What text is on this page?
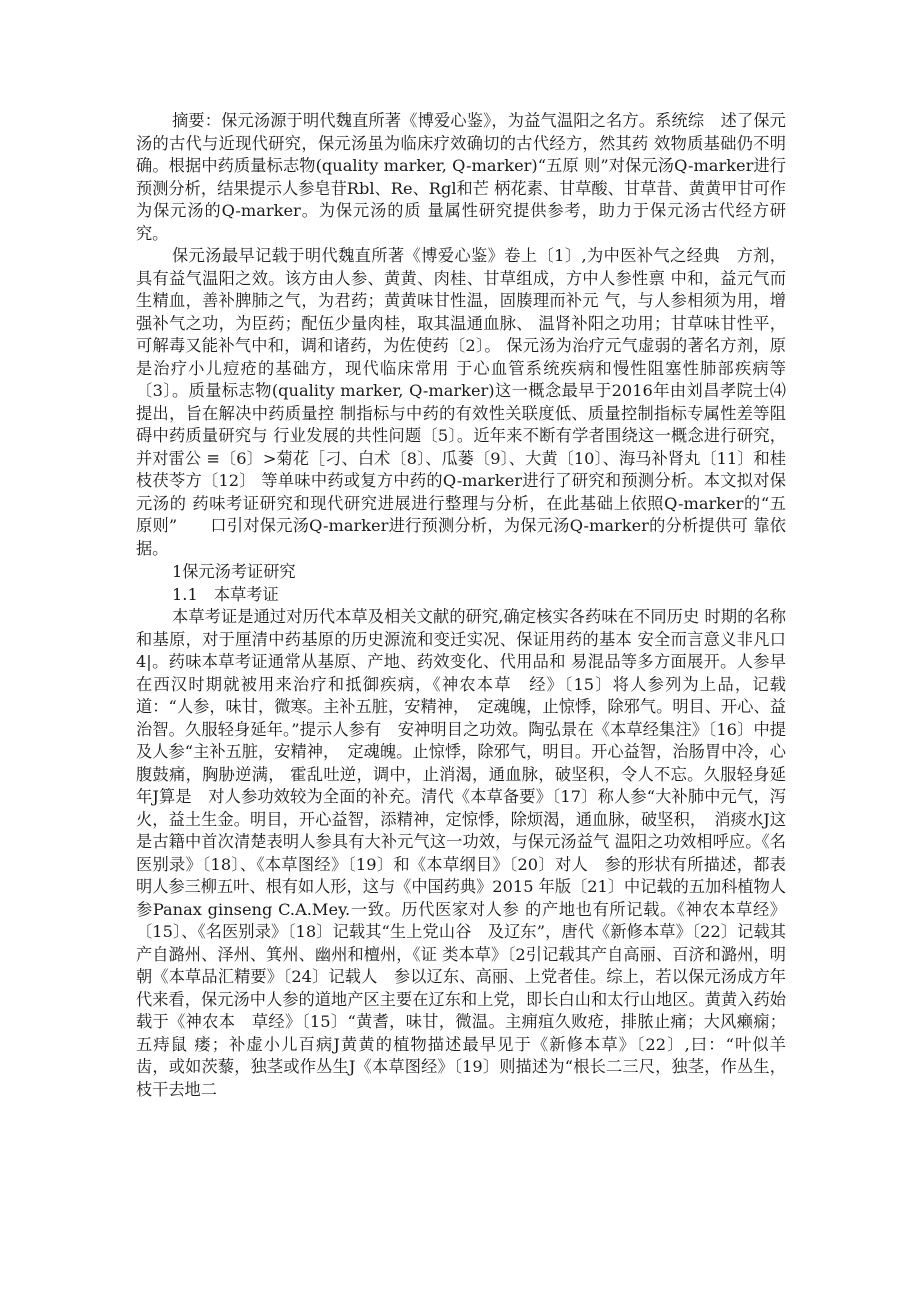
摘要：保元汤源于明代魏直所著《博爱心鉴》，为益气温阳之名方。系统综　述了保元汤的古代与近现代研究，保元汤虽为临床疗效确切的古代经方，然其药 效物质基础仍不明确。根据中药质量标志物(quality marker, Q-marker)“五原 则”对保元汤Q-marker进行预测分析，结果提示人参皂苷Rbl、Re、Rgl和芒 柄花素、甘草酸、甘草昔、黄黄甲甘可作为保元汤的Q-marker。为保元汤的质 量属性研究提供参考，助力于保元汤古代经方研究。

保元汤最早记载于明代魏直所著《博爱心鉴》卷上〔1〕,为中医补气之经典　方剂，具有益气温阳之效。该方由人参、黄黄、肉桂、甘草组成，方中人参性禀 中和，益元气而生精血，善补脾肺之气，为君药；黄黄味甘性温，固腠理而补元 气，与人参相须为用，增强补气之功，为臣药；配伍少量肉桂，取其温通血脉、 温肾补阳之功用；甘草味甘性平，可解毒又能补气中和，调和诸药，为佐使药〔2〕。 保元汤为治疗元气虚弱的著名方剂，原是治疗小儿痘疮的基础方，现代临床常用 于心血管系统疾病和慢性阻塞性肺部疾病等〔3〕。质量标志物(quality marker, Q-marker)这一概念最早于2016年由刘昌孝院士⑷提出，旨在解决中药质量控 制指标与中药的有效性关联度低、质量控制指标专属性差等阻碍中药质量研究与 行业发展的共性问题〔5〕。近年来不断有学者围绕这一概念进行研究，并对雷公 ≡〔6〕>菊花［刁、白术〔8〕、瓜蒌〔9〕、大黄〔10〕、海马补肾丸〔11〕和桂枝茯苓方〔12〕 等单味中药或复方中药的Q-marker进行了研究和预测分析。本文拟对保元汤的 药味考证研究和现代研究进展进行整理与分析，在此基础上依照Q-marker的“五　原则”　　口引对保元汤Q-marker进行预测分析，为保元汤Q-marker的分析提供可 靠依据。

1保元汤考证研究

1.1　本草考证

本草考证是通过对历代本草及相关文献的研究,确定核实各药味在不同历史 时期的名称和基原，对于厘清中药基原的历史源流和变迁实况、保证用药的基本 安全而言意义非凡口4|。药味本草考证通常从基原、产地、药效变化、代用品和 易混品等多方面展开。人参早在西汉时期就被用来治疗和抵御疾病，《神农本草　经》〔15〕将人参列为上品，记载道：“人参，味甘，微寒。主补五脏，安精神，　定魂魄，止惊悸，除邪气。明目、开心、益治智。久服轻身延年。”提示人参有　安神明目之功效。陶弘景在《本草经集注》〔16〕中提及人参“主补五脏，安精神，　定魂魄。止惊悸，除邪气，明目。开心益智，治肠胃中冷，心腹鼓痛，胸胁逆满， 霍乱吐逆，调中，止消渴，通血脉，破坚积，令人不忘。久服轻身延年J算是　对人参功效较为全面的补充。清代《本草备要》〔17〕称人参“大补肺中元气，泻 火，益土生金。明目，开心益智，添精神，定惊悸，除烦渴，通血脉，破坚积，　消痰水J这是古籍中首次清楚表明人参具有大补元气这一功效，与保元汤益气 温阳之功效相呼应。《名医别录》〔18〕、《本草图经》〔19〕和《本草纲目》〔20〕对人　参的形状有所描述，都表明人参三柳五叶、根有如人形，这与《中国药典》2015 年版〔21〕中记载的五加科植物人参Panax ginseng C.A.Mey.一致。历代医家对人参 的产地也有所记载。《神农本草经》〔15〕、《名医别录》〔18〕记载其“生上党山谷　及辽东”，唐代《新修本草》〔22〕记载其产自潞州、泽州、箕州、幽州和檀州，《证 类本草》〔2引记载其产自高丽、百济和潞州，明朝《本草品汇精要》〔24〕记载人　参以辽东、高丽、上党者佳。综上，若以保元汤成方年代来看，保元汤中人参的道地产区主要在辽东和上党，即长白山和太行山地区。黄黄入药始载于《神农本　草经》〔15〕“黄耆，味甘，微温。主痈疽久败疮，排脓止痛；大风癞痫；五痔鼠 瘘；补虚小儿百病J黄黄的植物描述最早见于《新修本草》〔22〕,曰：“叶似羊　齿，或如茨藜，独茎或作丛生J《本草图经》〔19〕则描述为“根长二三尺，独茎，作丛生，枝干去地二
